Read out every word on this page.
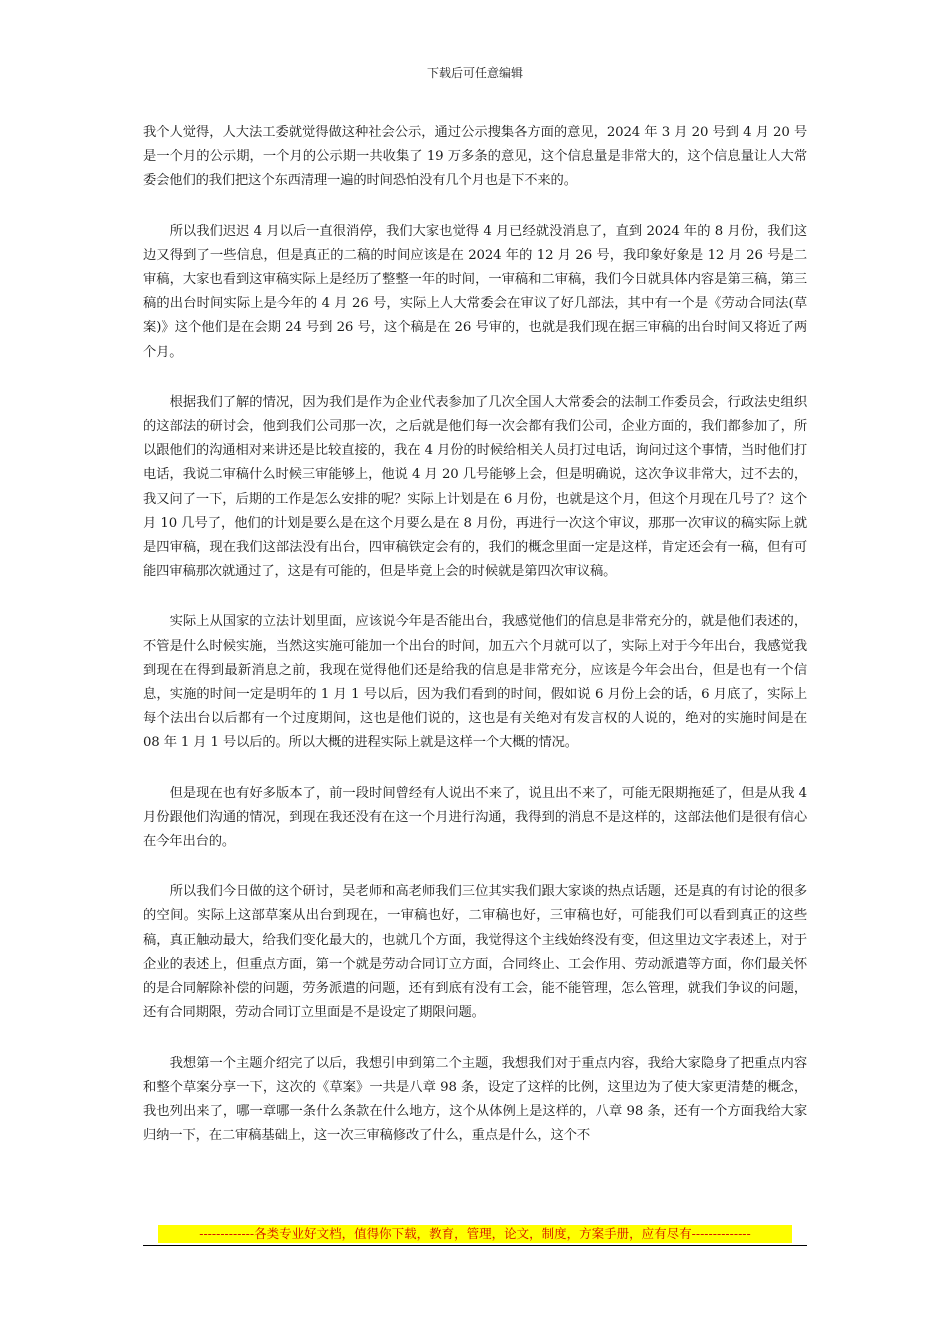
下载后可任意编辑

我个人觉得，人大法工委就觉得做这种社会公示，通过公示搜集各方面的意见，2024 年 3 月 20 号到 4 月 20 号是一个月的公示期，一个月的公示期一共收集了 19 万多条的意见，这个信息量是非常大的，这个信息量让人大常委会他们的我们把这个东西清理一遍的时间恐怕没有几个月也是下不来的。

所以我们迟迟 4 月以后一直很消停，我们大家也觉得 4 月已经就没消息了，直到 2024 年的 8 月份，我们这边又得到了一些信息，但是真正的二稿的时间应该是在 2024 年的 12 月 26 号，我印象好象是 12 月 26 号是二审稿，大家也看到这审稿实际上是经历了整整一年的时间，一审稿和二审稿，我们今日就具体内容是第三稿，第三稿的出台时间实际上是今年的 4 月 26 号，实际上人大常委会在审议了好几部法，其中有一个是《劳动合同法(草案)》这个他们是在会期 24 号到 26 号，这个稿是在 26 号审的，也就是我们现在据三审稿的出台时间又将近了两个月。

根据我们了解的情况，因为我们是作为企业代表参加了几次全国人大常委会的法制工作委员会，行政法史组织的这部法的研讨会，他到我们公司那一次，之后就是他们每一次会都有我们公司，企业方面的，我们都参加了，所以跟他们的沟通相对来讲还是比较直接的，我在 4 月份的时候给相关人员打过电话，询问过这个事情，当时他们打电话，我说二审稿什么时候三审能够上，他说 4 月 20 几号能够上会，但是明确说，这次争议非常大，过不去的，我又问了一下，后期的工作是怎么安排的呢？实际上计划是在 6 月份，也就是这个月，但这个月现在几号了？这个月 10 几号了，他们的计划是要么是在这个月要么是在 8 月份，再进行一次这个审议，那那一次审议的稿实际上就是四审稿，现在我们这部法没有出台，四审稿铁定会有的，我们的概念里面一定是这样，肯定还会有一稿，但有可能四审稿那次就通过了，这是有可能的，但是毕竟上会的时候就是第四次审议稿。

实际上从国家的立法计划里面，应该说今年是否能出台，我感觉他们的信息是非常充分的，就是他们表述的，不管是什么时候实施，当然这实施可能加一个出台的时间，加五六个月就可以了，实际上对于今年出台，我感觉我到现在在得到最新消息之前，我现在觉得他们还是给我的信息是非常充分，应该是今年会出台，但是也有一个信息，实施的时间一定是明年的 1 月 1 号以后，因为我们看到的时间，假如说 6 月份上会的话，6 月底了，实际上每个法出台以后都有一个过度期间，这也是他们说的，这也是有关绝对有发言权的人说的，绝对的实施时间是在 08 年 1 月 1 号以后的。所以大概的进程实际上就是这样一个大概的情况。

但是现在也有好多版本了，前一段时间曾经有人说出不来了，说且出不来了，可能无限期拖延了，但是从我 4 月份跟他们沟通的情况，到现在我还没有在这一个月进行沟通，我得到的消息不是这样的，这部法他们是很有信心在今年出台的。

所以我们今日做的这个研讨，吴老师和高老师我们三位其实我们跟大家谈的热点话题，还是真的有讨论的很多的空间。实际上这部草案从出台到现在，一审稿也好，二审稿也好，三审稿也好，可能我们可以看到真正的这些稿，真正触动最大，给我们变化最大的，也就几个方面，我觉得这个主线始终没有变，但这里边文字表述上，对于企业的表述上，但重点方面，第一个就是劳动合同订立方面，合同终止、工会作用、劳动派遣等方面，你们最关怀的是合同解除补偿的问题，劳务派遣的问题，还有到底有没有工会，能不能管理，怎么管理，就我们争议的问题，还有合同期限，劳动合同订立里面是不是设定了期限问题。

我想第一个主题介绍完了以后，我想引申到第二个主题，我想我们对于重点内容，我给大家隐身了把重点内容和整个草案分享一下，这次的《草案》一共是八章 98 条，设定了这样的比例，这里边为了使大家更清楚的概念，我也列出来了，哪一章哪一条什么条款在什么地方，这个从体例上是这样的，八章 98 条，还有一个方面我给大家归纳一下，在二审稿基础上，这一次三审稿修改了什么，重点是什么，这个不

-------------各类专业好文档，值得你下载，教育，管理，论文，制度，方案手册，应有尽有--------------
